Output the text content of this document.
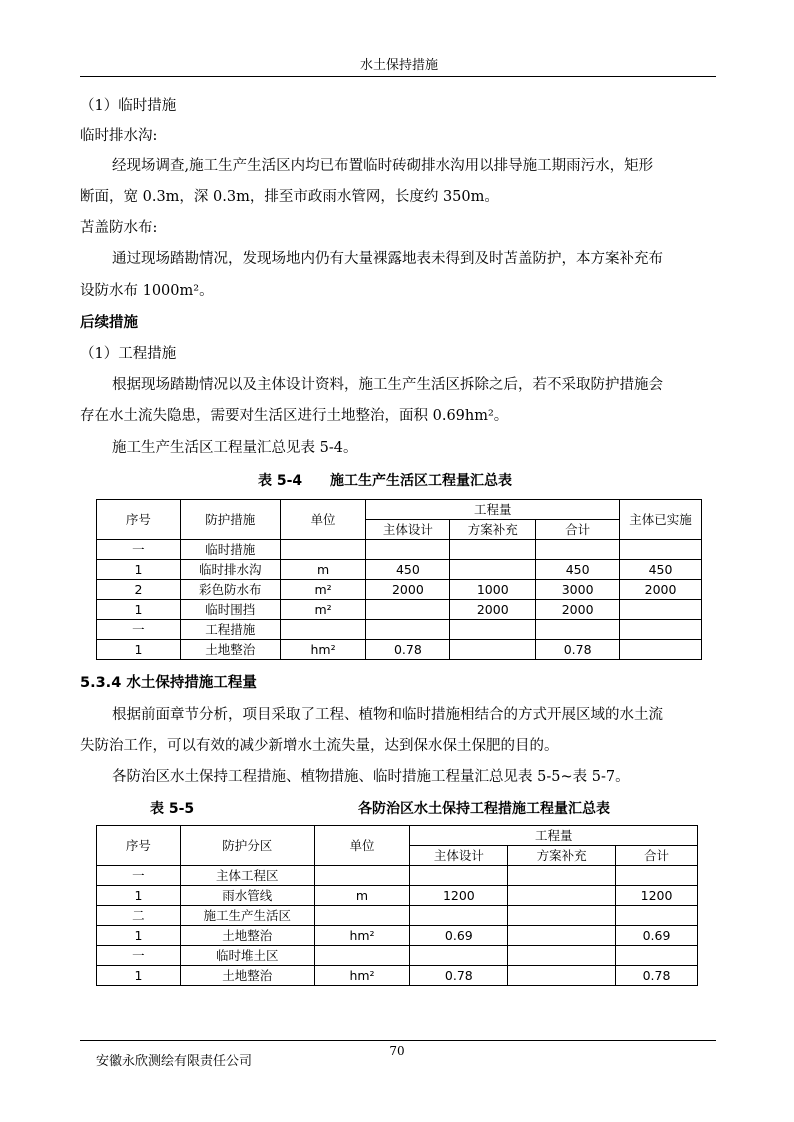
水土保持措施
（1）临时措施
临时排水沟:
经现场调查,施工生产生活区内均已布置临时砖砌排水沟用以排导施工期雨污水，矩形
断面，宽 0.3m，深 0.3m，排至市政雨水管网，长度约 350m。
苫盖防水布:
通过现场踏勘情况，发现场地内仍有大量裸露地表未得到及时苫盖防护，本方案补充布
设防水布 1000m²。
后续措施
（1）工程措施
根据现场踏勘情况以及主体设计资料，施工生产生活区拆除之后，若不采取防护措施会
存在水土流失隐患，需要对生活区进行土地整治，面积 0.69hm²。
施工生产生活区工程量汇总见表 5-4。
表 5-4 施工生产生活区工程量汇总表
序号	防护措施	单位	工程量			主体已实施
			主体设计	方案补充	合计	
一	临时措施					
1	临时排水沟	m	450		450	450
2	彩色防水布	m²	2000	1000	3000	2000
1	临时围挡	m²		2000	2000	
一	工程措施					
1	土地整治	hm²	0.78		0.78	
5.3.4 水土保持措施工程量
根据前面章节分析，项目采取了工程、植物和临时措施相结合的方式开展区域的水土流
失防治工作，可以有效的减少新增水土流失量，达到保水保土保肥的目的。
各防治区水土保持工程措施、植物措施、临时措施工程量汇总见表 5-5~表 5-7。
表 5-5	各防治区水土保持工程措施工程量汇总表
序号	防护分区	单位	工程量		
			主体设计	方案补充	合计
一	主体工程区				
1	雨水管线	m	1200		1200
二	施工生产生活区				
1	土地整治	hm²	0.69		0.69
一	临时堆土区				
1	土地整治	hm²	0.78		0.78
70
安徽永欣测绘有限责任公司
